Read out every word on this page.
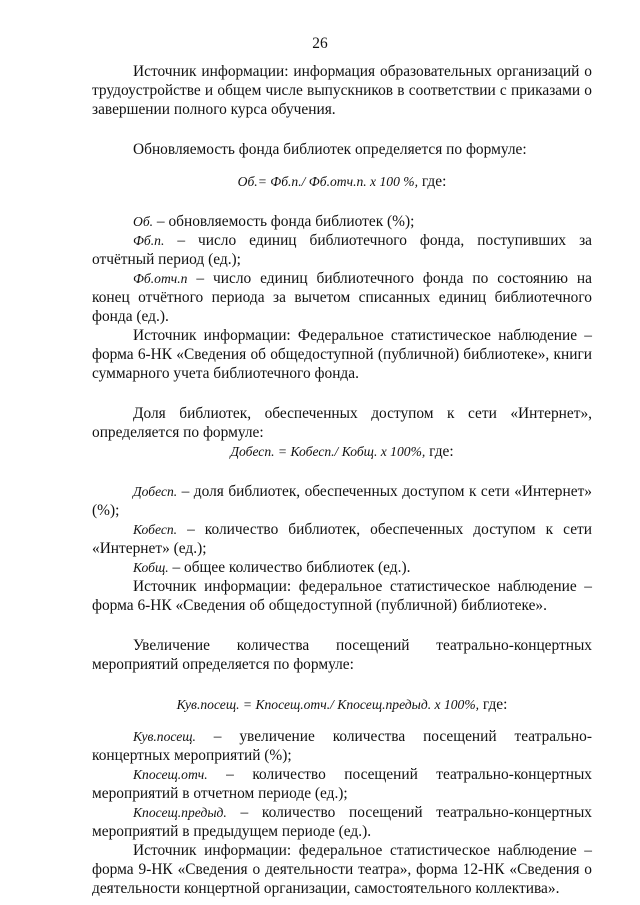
26

Источник информации: информация образовательных организаций о трудоустройстве и общем числе выпускников в соответствии с приказами о завершении полного курса обучения.

Обновляемость фонда библиотек определяется по формуле:

Об.= Фб.п./ Фб.отч.п. х 100 %, где:

Об. – обновляемость фонда библиотек (%);

Фб.п. – число единиц библиотечного фонда, поступивших за отчётный период (ед.);

Фб.отч.п – число единиц библиотечного фонда по состоянию на конец отчётного периода за вычетом списанных единиц библиотечного фонда (ед.).

Источник информации: Федеральное статистическое наблюдение – форма 6-НК «Сведения об общедоступной (публичной) библиотеке», книги суммарного учета библиотечного фонда.

Доля библиотек, обеспеченных доступом к сети «Интернет», определяется по формуле:

Добесп. = Кобесп./ Кобщ. х 100%, где:

Добесп. – доля библиотек, обеспеченных доступом к сети «Интернет» (%);

Кобесп. – количество библиотек, обеспеченных доступом к сети «Интернет» (ед.);

Кобщ. – общее количество библиотек (ед.).

Источник информации: федеральное статистическое наблюдение – форма 6-НК «Сведения об общедоступной (публичной) библиотеке».

Увеличение количества посещений театрально-концертных мероприятий определяется по формуле:

Кув.посещ. = Кпосещ.отч./ Кпосещ.предыд. х 100%, где:

Кув.посещ. – увеличение количества посещений театрально-концертных мероприятий (%);

Кпосещ.отч. – количество посещений театрально-концертных мероприятий в отчетном периоде (ед.);

Кпосещ.предыд. – количество посещений театрально-концертных мероприятий в предыдущем периоде (ед.).

Источник информации: федеральное статистическое наблюдение – форма 9-НК «Сведения о деятельности театра», форма 12-НК «Сведения о деятельности концертной организации, самостоятельного коллектива».
